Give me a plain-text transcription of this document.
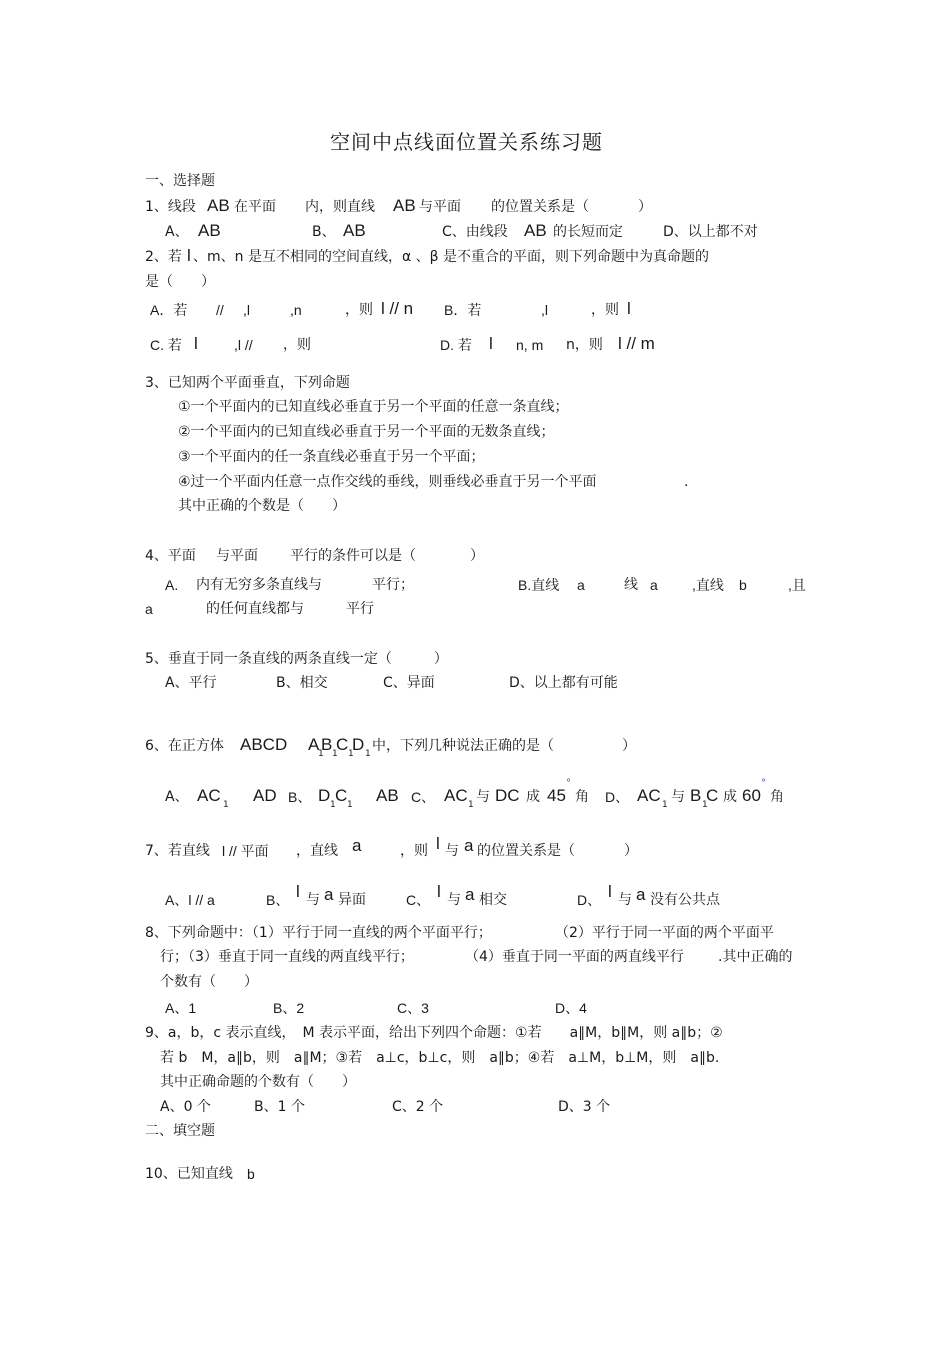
空间中点线面位置关系练习题
一、选择题
1、线段 AB 在平面 内，则直线 AB 与平面 的位置关系是（	）
A、 AB	B、 AB	C、由线段 AB 的长短而定	D、以上都不对
2、若 l 、m、n 是互不相同的空间直线，α 、β 是不重合的平面，则下列命题中为真命题的
是（　　）
A．若 // ,l	,n	，则 l // n B．若	,l	，则 l
C. 若 l	,l // ，则	D. 若 l n, m n，则 l // m
3、已知两个平面垂直，下列命题
①一个平面内的已知直线必垂直于另一个平面的任意一条直线；
②一个平面内的已知直线必垂直于另一个平面的无数条直线；
③一个平面内的任一条直线必垂直于另一个平面；
④过一个平面内任意一点作交线的垂线，则垂线必垂直于另一个平面	.
其中正确的个数是（　　）
4、平面 与平面 平行的条件可以是（	）
A. 内有无穷多条直线与	平行；	B.直线 a	线 a ,直线 b	,且
a	的任何直线都与	平行
5、垂直于同一条直线的两条直线一定（　　　）
A、平行	B、相交	C、异面	D、以上都有可能
6、在正方体 ABCD A
1
B 1
C 1
D 1 中，下列几种说法正确的是（	）
A、 AC 1 AD B、 D 1 C 1 AB C、 AC 1 与 DC 成 45
°
角 D、 AC 1 与 B 1
C 成 60
°
角
7、若直线 l // 平面 ，直线 a	，则 l 与 a 的位置关系是（	）
A、l // a	B、 l 与 a 异面	C、 l 与 a 相交	D、 l 与 a 没有公共点
8、下列命题中：（1）平行于同一直线的两个平面平行；	（2）平行于同一平面的两个平面平
行；（3）垂直于同一直线的两直线平行；	（4）垂直于同一平面的两直线平行 .其中正确的
个数有（　　）
A、1	B、2	C、3	D、4
9、a，b，c 表示直线，　M 表示平面，给出下列四个命题：①若　　a∥M，b∥M，则 a∥b；②
若 b　M，a∥b，则　a∥M；③若　a⊥c，b⊥c，则　a∥b；④若　a⊥M，b⊥M，则　a∥b.
其中正确命题的个数有（　　）
A、0 个	B、1 个	C、2 个	D、3 个
二、填空题
10、已知直线 b
